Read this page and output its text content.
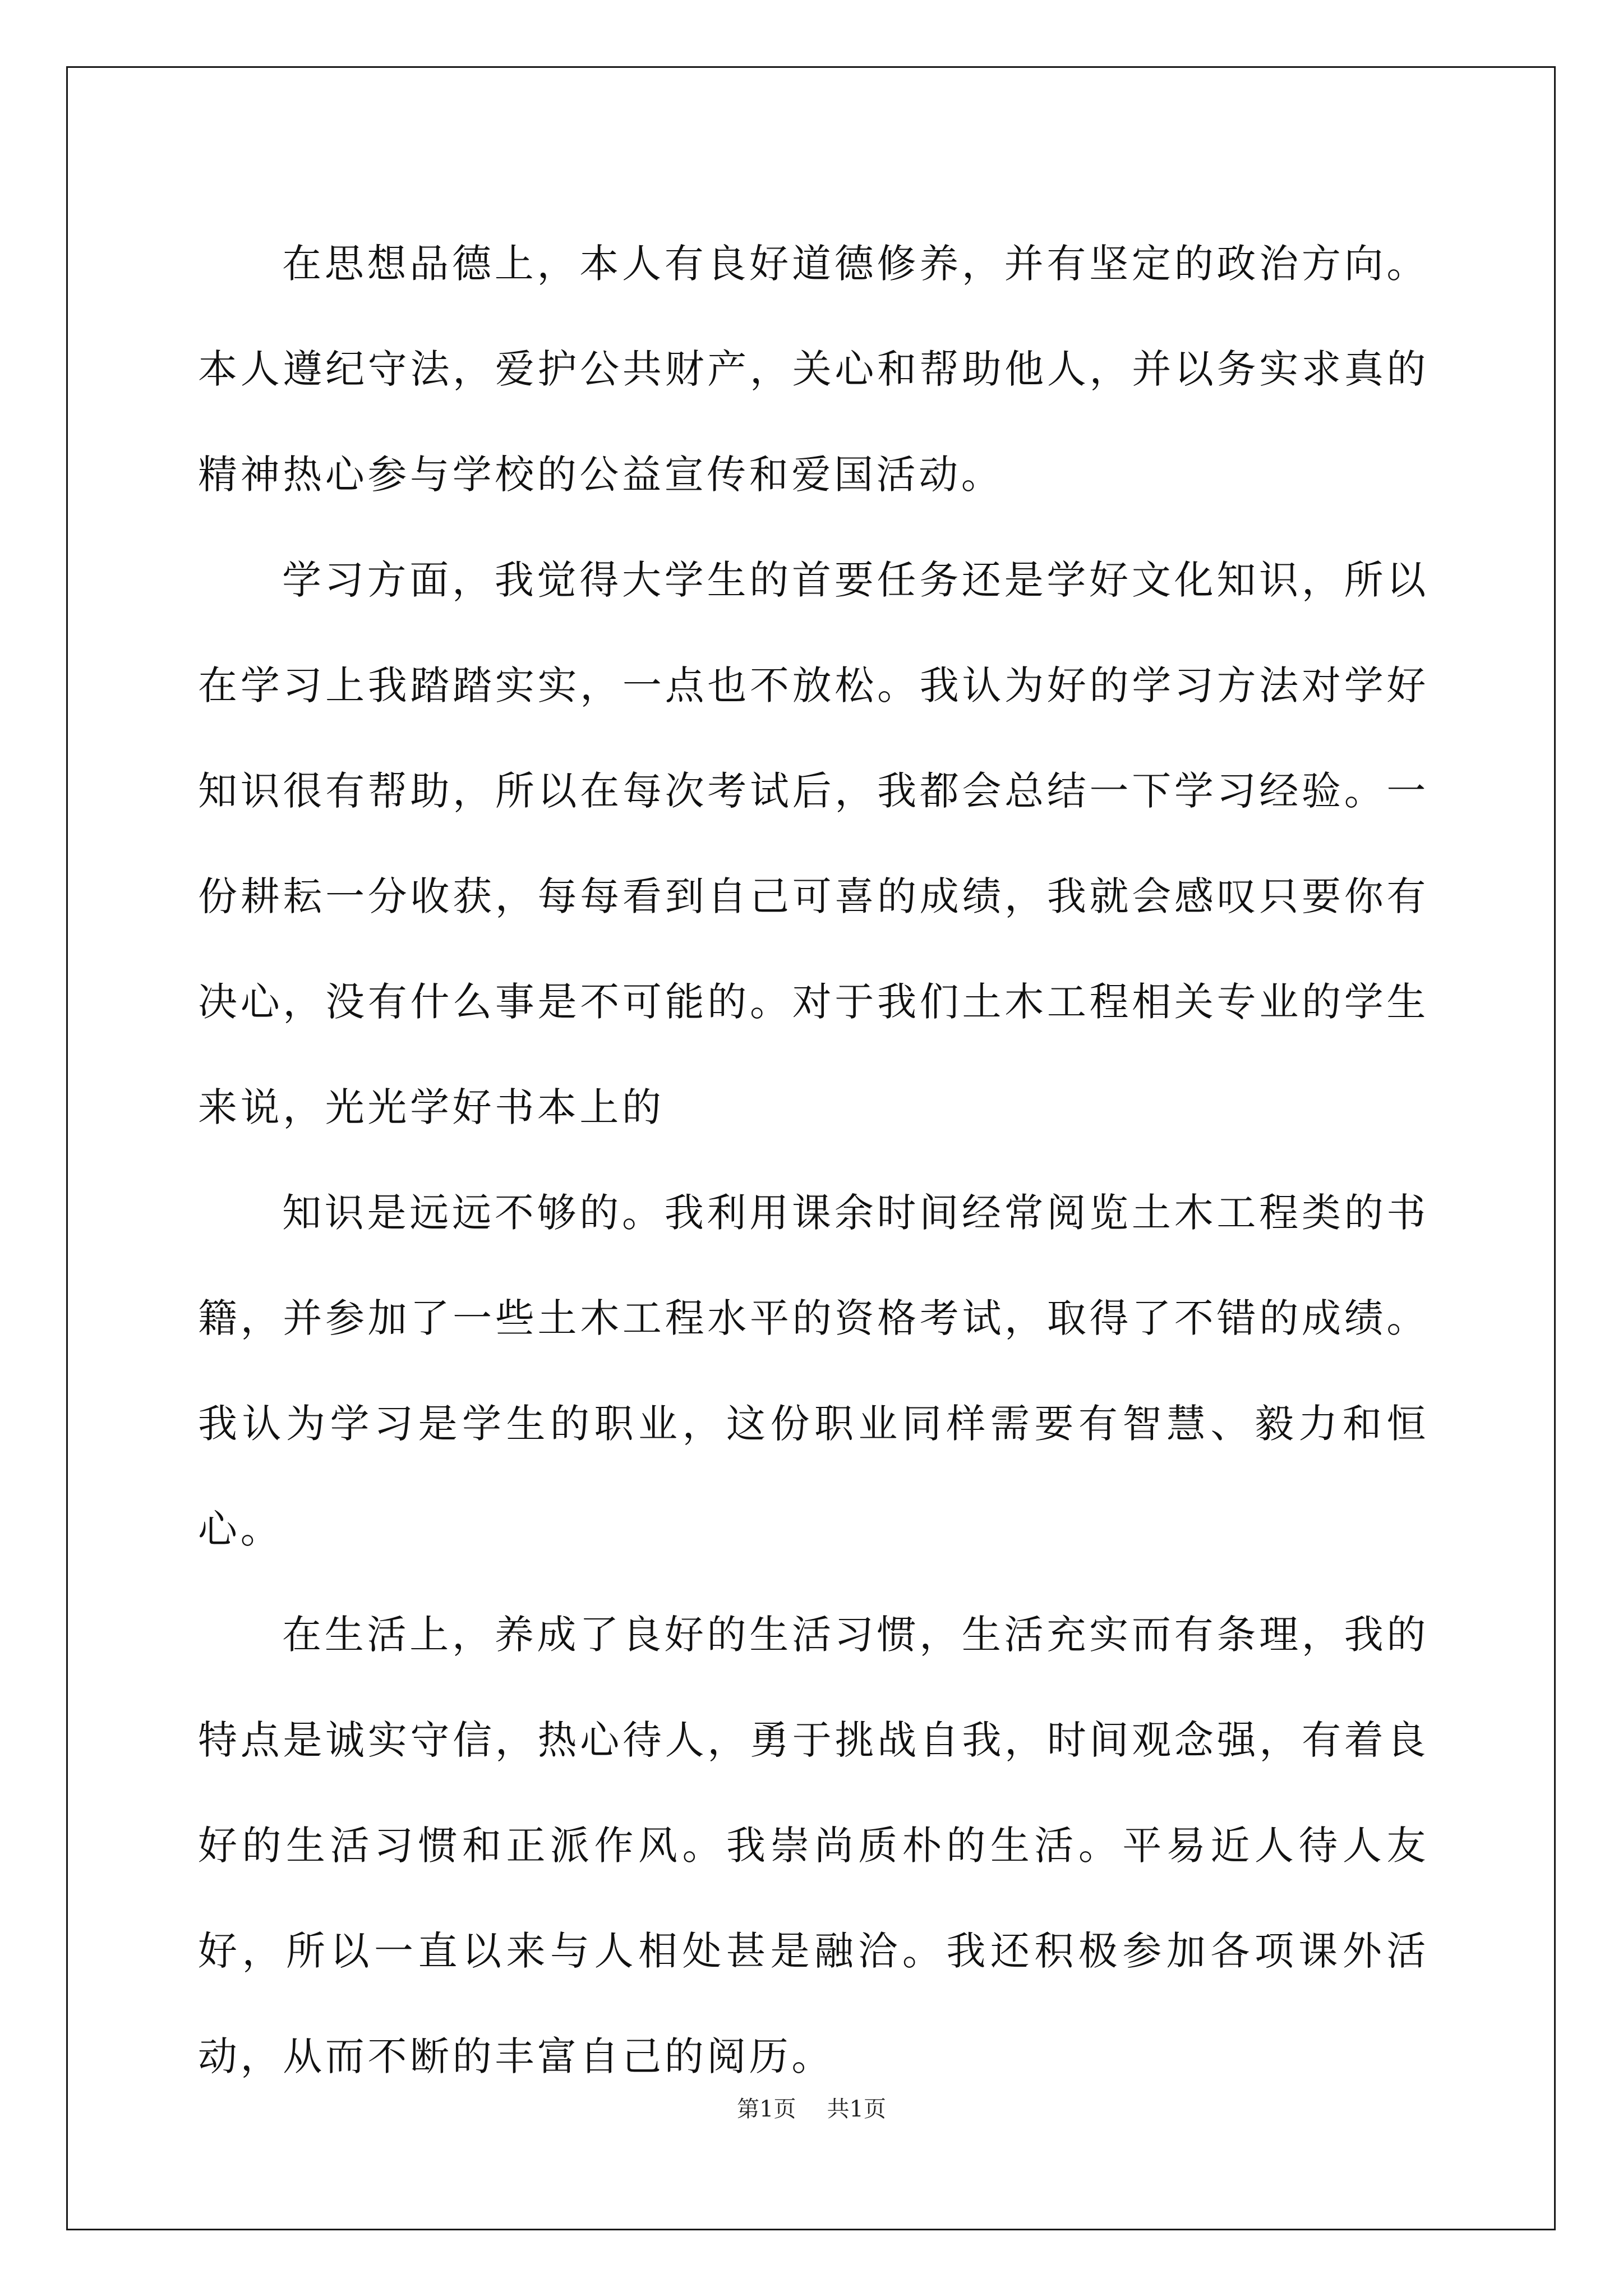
在思想品德上，本人有良好道德修养，并有坚定的政治方向。本人遵纪守法，爱护公共财产，关心和帮助他人，并以务实求真的精神热心参与学校的公益宣传和爱国活动。

学习方面，我觉得大学生的首要任务还是学好文化知识，所以在学习上我踏踏实实，一点也不放松。我认为好的学习方法对学好知识很有帮助，所以在每次考试后，我都会总结一下学习经验。一份耕耘一分收获，每每看到自己可喜的成绩，我就会感叹只要你有决心，没有什么事是不可能的。对于我们土木工程相关专业的学生来说，光光学好书本上的

知识是远远不够的。我利用课余时间经常阅览土木工程类的书籍，并参加了一些土木工程水平的资格考试，取得了不错的成绩。我认为学习是学生的职业，这份职业同样需要有智慧、毅力和恒心。

在生活上，养成了良好的生活习惯，生活充实而有条理，我的特点是诚实守信，热心待人，勇于挑战自我，时间观念强，有着良好的生活习惯和正派作风。我崇尚质朴的生活。平易近人待人友好，所以一直以来与人相处甚是融洽。我还积极参加各项课外活动，从而不断的丰富自己的阅历。

第1页 共1页
